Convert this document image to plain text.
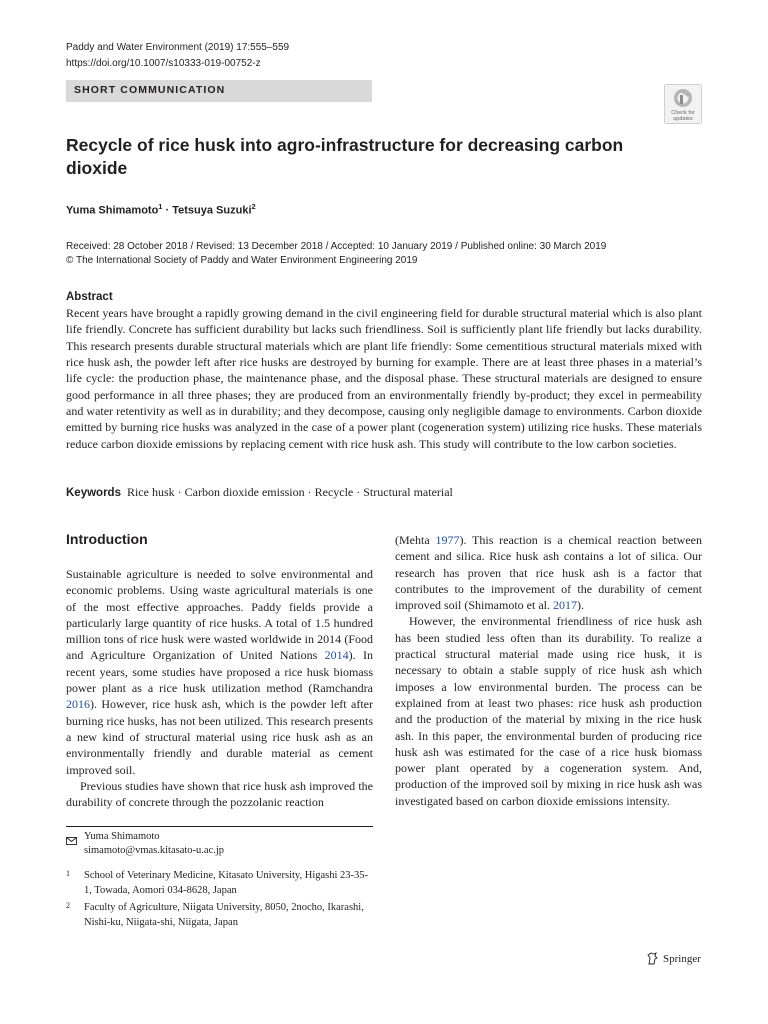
Paddy and Water Environment (2019) 17:555–559
https://doi.org/10.1007/s10333-019-00752-z
SHORT COMMUNICATION
Check for
updates
Recycle of rice husk into agro-infrastructure for decreasing carbon dioxide
Yuma Shimamoto$^1$ · Tetsuya Suzuki$^2$
Received: 28 October 2018 / Revised: 13 December 2018 / Accepted: 10 January 2019 / Published online: 30 March 2019
© The International Society of Paddy and Water Environment Engineering 2019
Abstract
Recent years have brought a rapidly growing demand in the civil engineering field for durable structural material which is also plant life friendly. Concrete has sufficient durability but lacks such friendliness. Soil is sufficiently plant life friendly but lacks durability. This research presents durable structural materials which are plant life friendly: Some cementitious structural materials mixed with rice husk ash, the powder left after rice husks are destroyed by burning for example. There are at least three phases in a material’s life cycle: the production phase, the maintenance phase, and the disposal phase. These structural materials are designed to ensure good performance in all three phases; they are produced from an environmentally friendly by-product; they excel in permeability and water retentivity as well as in durability; and they decompose, causing only negligible damage to environments. Carbon dioxide emitted by burning rice husks was analyzed in the case of a power plant (cogeneration system) utilizing rice husks. These materials reduce carbon dioxide emissions by replacing cement with rice husk ash. This study will contribute to the low carbon societies.
Keywords Rice husk · Carbon dioxide emission · Recycle · Structural material
Introduction

Sustainable agriculture is needed to solve environmental and economic problems. Using waste agricultural materials is one of the most effective approaches. Paddy fields provide a particularly large quantity of rice husks. A total of 1.5 hundred million tons of rice husk were wasted worldwide in 2014 (Food and Agriculture Organization of United Nations 2014). In recent years, some studies have proposed a rice husk biomass power plant as a rice husk utilization method (Ramchandra 2016). However, rice husk ash, which is the powder left after burning rice husks, has not been utilized. This research presents a new kind of structural material using rice husk ash as an environmentally friendly and durable material as cement improved soil.

Previous studies have shown that rice husk ash improved the durability of concrete through the pozzolanic reaction

(Mehta 1977). This reaction is a chemical reaction between cement and silica. Rice husk ash contains a lot of silica. Our research has proven that rice husk ash is a factor that contributes to the improvement of the durability of cement improved soil (Shimamoto et al. 2017).

However, the environmental friendliness of rice husk ash has been studied less often than its durability. To realize a practical structural material made using rice husk, it is necessary to obtain a stable supply of rice husk ash which imposes a low environmental burden. The process can be explained from at least two phases: rice husk ash production and the production of the material by mixing in the rice husk ash. In this paper, the environmental burden of producing rice husk ash was estimated for the case of a rice husk biomass power plant operated by a cogeneration system. And, production of the improved soil by mixing in rice husk ash was investigated based on carbon dioxide emissions intensity.

Yuma Shimamoto
simamoto@vmas.kitasato-u.ac.jp
1 School of Veterinary Medicine, Kitasato University, Higashi 23-35-1, Towada, Aomori 034-8628, Japan
2 Faculty of Agriculture, Niigata University, 8050, 2nocho, Ikarashi, Nishi-ku, Niigata-shi, Niigata, Japan
Springer
